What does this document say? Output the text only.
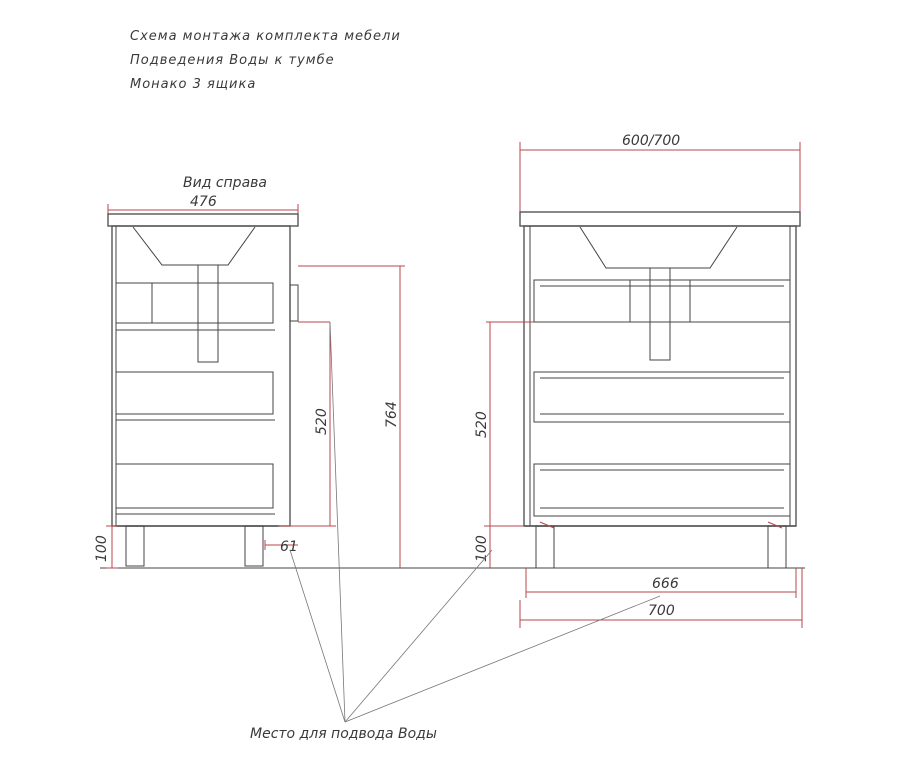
Схема монтажа комплекта мебели
Подведения Воды к тумбе
Монако 3 ящика
Вид справа
476
100	61
520	764
600/700
520
100
666
700
Место для подвода Воды
